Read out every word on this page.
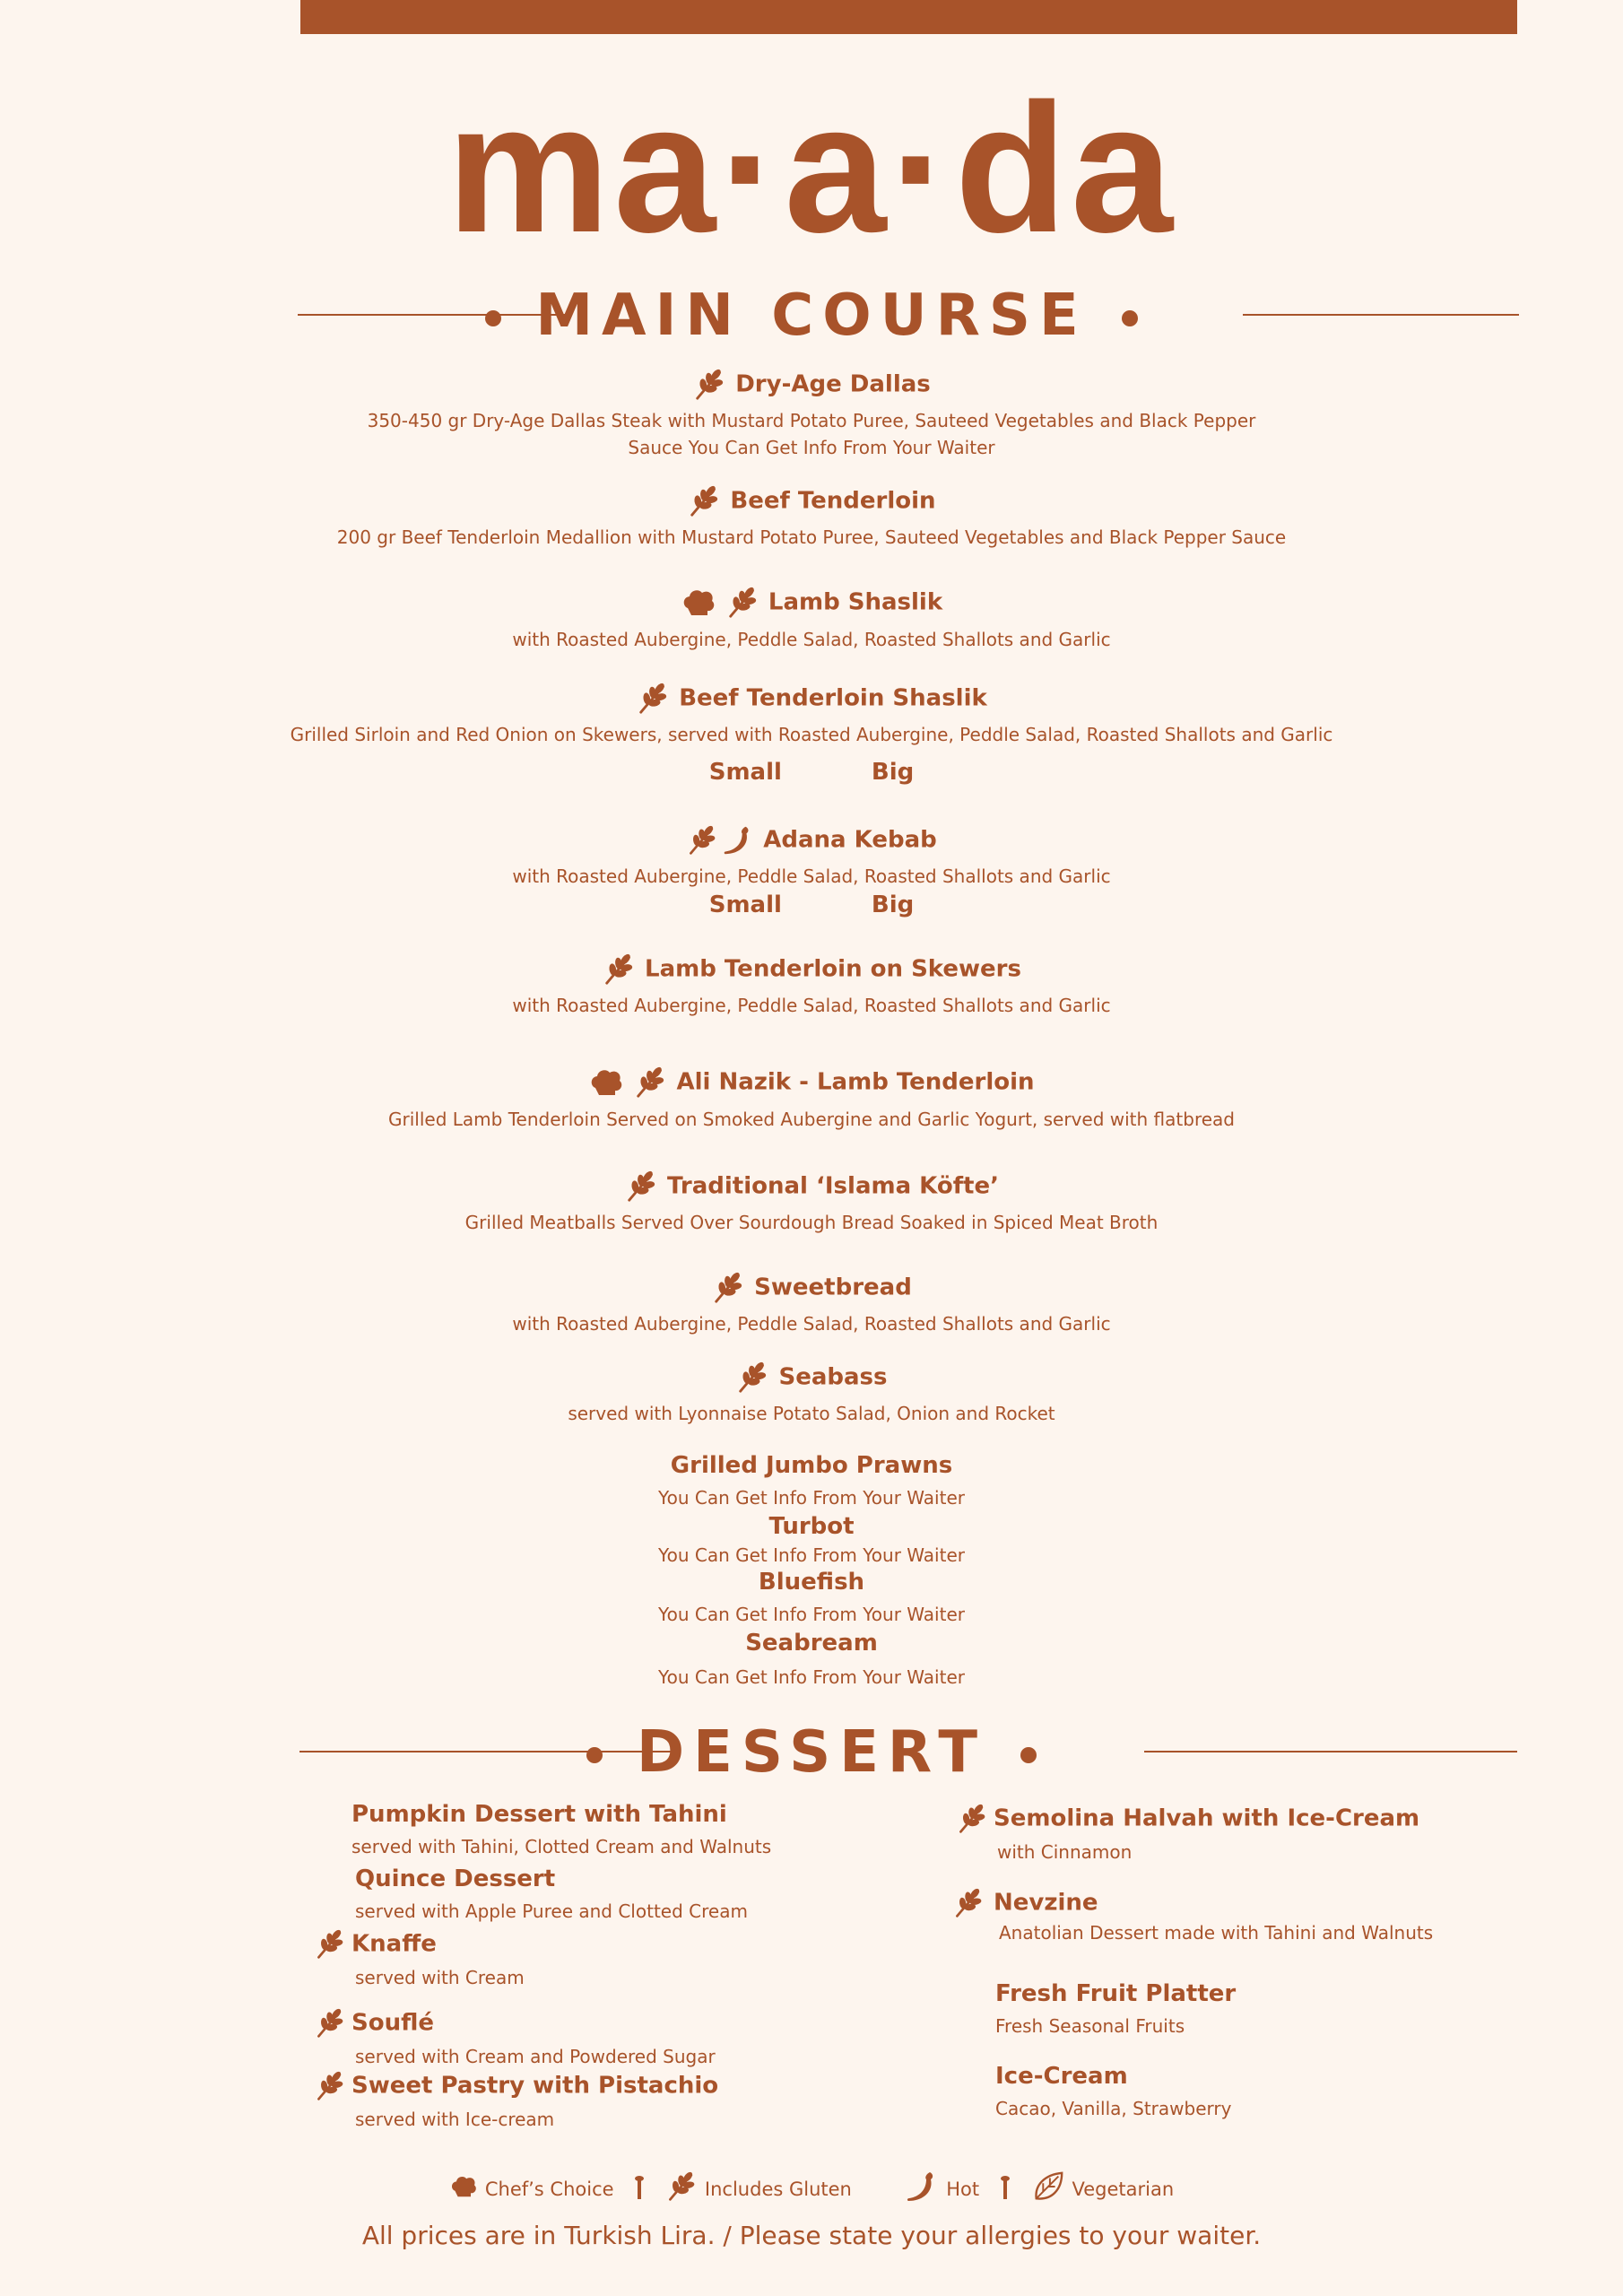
ma·a·da
MAIN COURSE
Dry-Age Dallas
350-450 gr Dry-Age Dallas Steak with Mustard Potato Puree, Sauteed Vegetables and Black Pepper
Sauce You Can Get Info From Your Waiter
Beef Tenderloin
200 gr Beef Tenderloin Medallion with Mustard Potato Puree, Sauteed Vegetables and Black Pepper Sauce
Lamb Shaslik
with Roasted Aubergine, Peddle Salad, Roasted Shallots and Garlic
Beef Tenderloin Shaslik
Grilled Sirloin and Red Onion on Skewers, served with Roasted Aubergine, Peddle Salad, Roasted Shallots and Garlic
Small	Big
Adana Kebab
with Roasted Aubergine, Peddle Salad, Roasted Shallots and Garlic
Small	Big
Lamb Tenderloin on Skewers
with Roasted Aubergine, Peddle Salad, Roasted Shallots and Garlic
Ali Nazik - Lamb Tenderloin
Grilled Lamb Tenderloin Served on Smoked Aubergine and Garlic Yogurt, served with flatbread
Traditional ‘Islama Köfte’
Grilled Meatballs Served Over Sourdough Bread Soaked in Spiced Meat Broth
Sweetbread
with Roasted Aubergine, Peddle Salad, Roasted Shallots and Garlic
Seabass
served with Lyonnaise Potato Salad, Onion and Rocket
Grilled Jumbo Prawns
You Can Get Info From Your Waiter
Turbot
You Can Get Info From Your Waiter
Bluefish
You Can Get Info From Your Waiter
Seabream
You Can Get Info From Your Waiter
DESSERT
Pumpkin Dessert with Tahini
served with Tahini, Clotted Cream and Walnuts
Quince Dessert
served with Apple Puree and Clotted Cream
Knaffe
served with Cream
Souflé
served with Cream and Powdered Sugar
Sweet Pastry with Pistachio
served with Ice-cream
Semolina Halvah with Ice-Cream
with Cinnamon
Nevzine
Anatolian Dessert made with Tahini and Walnuts
Fresh Fruit Platter
Fresh Seasonal Fruits
Ice-Cream
Cacao, Vanilla, Strawberry
Chef’s Choice	Includes Gluten	Hot	Vegetarian
All prices are in Turkish Lira. / Please state your allergies to your waiter.
